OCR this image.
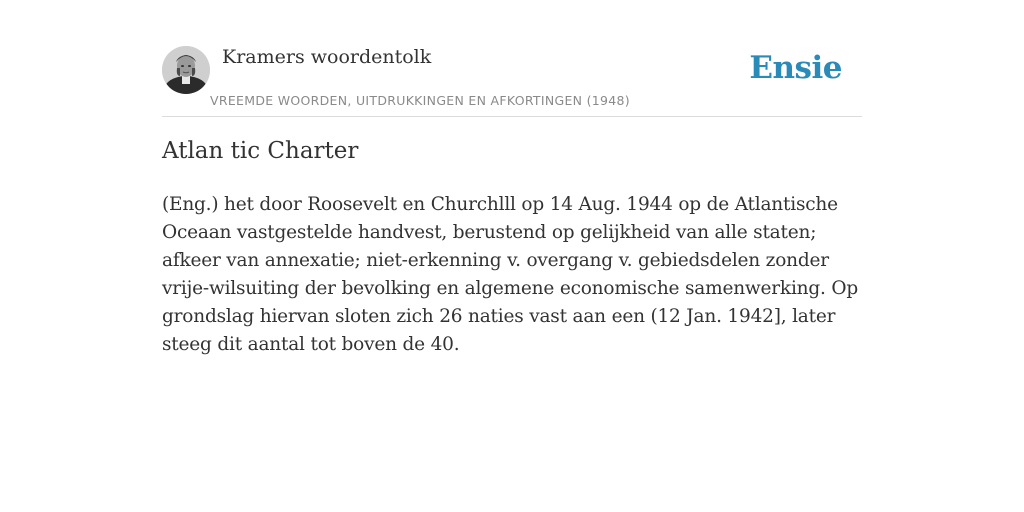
Kramers woordentolk
VREEMDE WOORDEN, UITDRUKKINGEN EN AFKORTINGEN (1948)
Ensie
Atlan tic Charter

(Eng.) het door Roosevelt en Churchlll op 14 Aug. 1944 op de Atlantische Oceaan vastgestelde handvest, berustend op gelijkheid van alle staten; afkeer van annexatie; niet-erkenning v. overgang v. gebiedsdelen zonder vrije-wilsuiting der bevolking en algemene economische samenwerking. Op grondslag hiervan sloten zich 26 naties vast aan een (12 Jan. 1942], later steeg dit aantal tot boven de 40.
